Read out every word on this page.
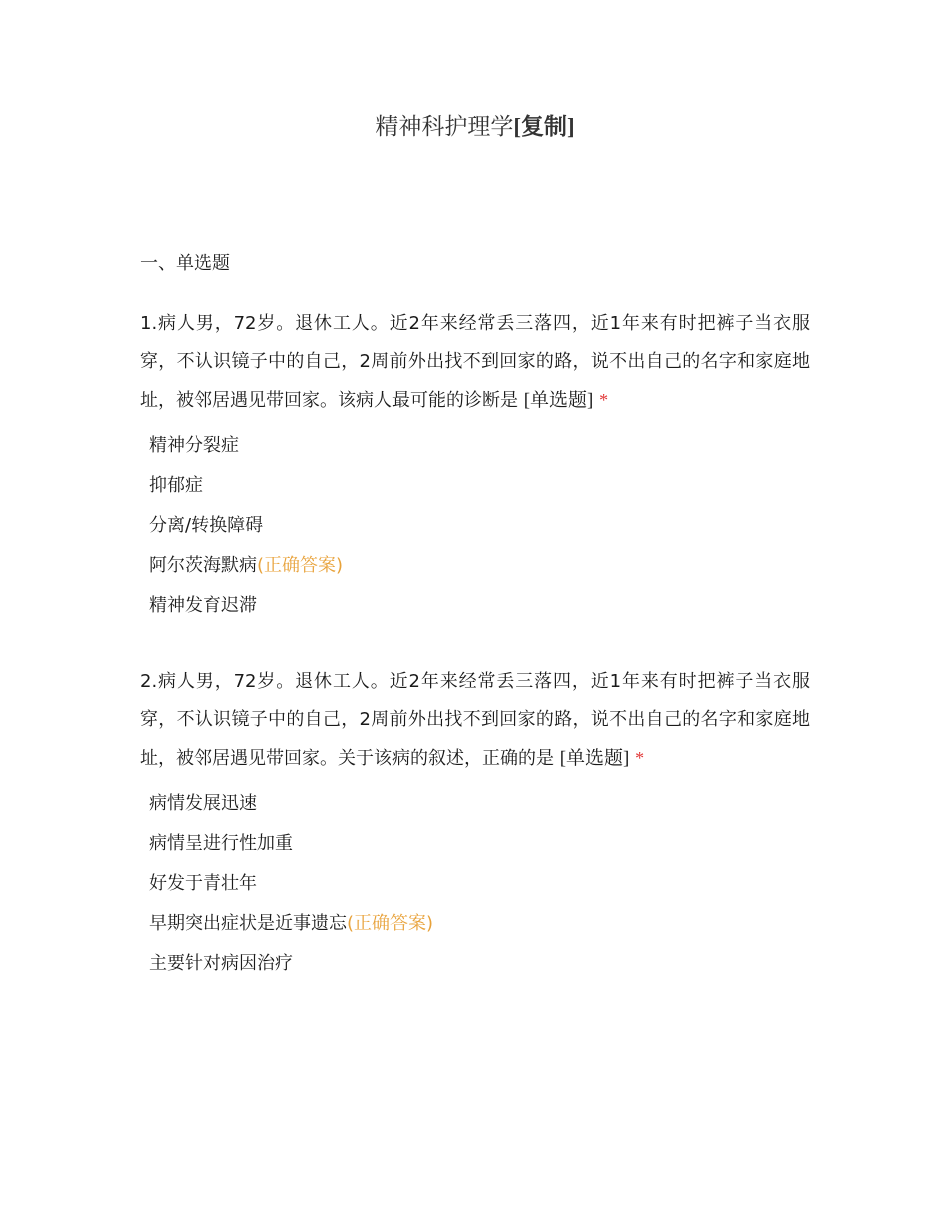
精神科护理学[复制]
一、单选题

1.病人男，72岁。退休工人。近2年来经常丢三落四，近1年来有时把裤子当衣服穿，不认识镜子中的自己，2周前外出找不到回家的路，说不出自己的名字和家庭地址，被邻居遇见带回家。该病人最可能的诊断是 [单选题] *

精神分裂症
抑郁症
分离/转换障碍
阿尔茨海默病(正确答案)
精神发育迟滞

2.病人男，72岁。退休工人。近2年来经常丢三落四，近1年来有时把裤子当衣服穿，不认识镜子中的自己，2周前外出找不到回家的路，说不出自己的名字和家庭地址，被邻居遇见带回家。关于该病的叙述，正确的是 [单选题] *

病情发展迅速
病情呈进行性加重
好发于青壮年
早期突出症状是近事遗忘(正确答案)
主要针对病因治疗
